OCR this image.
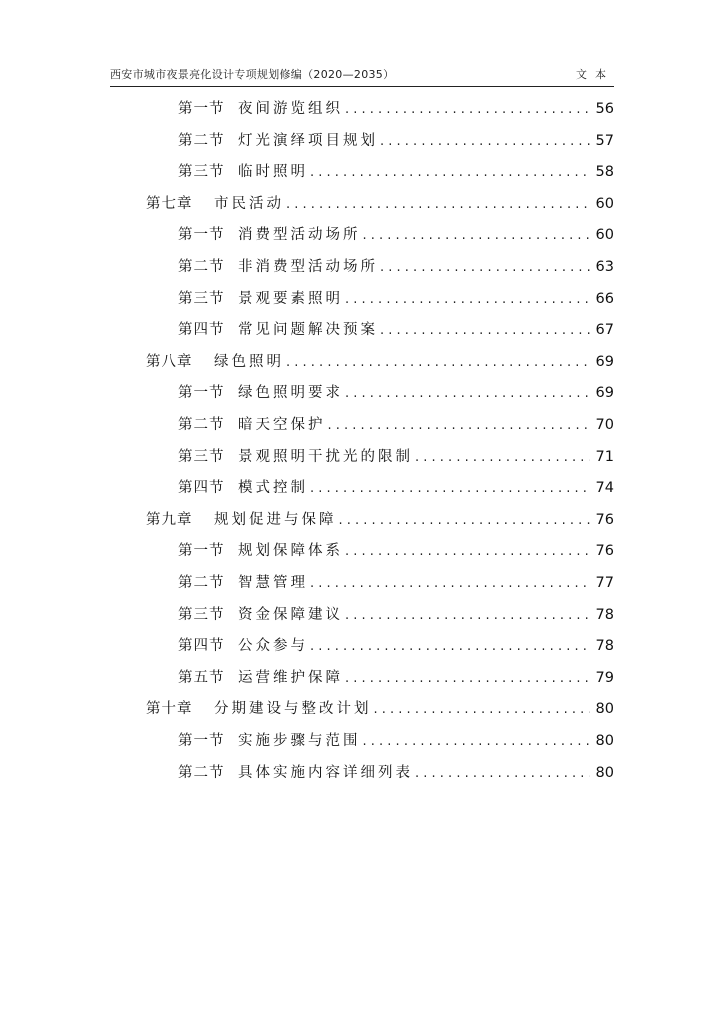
西安市城市夜景亮化设计专项规划修编（2020—2035）	文本
第一节 夜间游览组织 . . .	56
第二节 灯光演绎项目规划 . . .	57
第三节 临时照明 . . .	58
第七章	市民活动 . . .	60
第一节 消费型活动场所 . . .	60
第二节 非消费型活动场所 . . .	63
第三节 景观要素照明 . . .	66
第四节 常见问题解决预案 . . .	67
第八章	绿色照明 . . .	69
第一节 绿色照明要求 . . .	69
第二节 暗天空保护 . . .	70
第三节 景观照明干扰光的限制 . . .	71
第四节 模式控制 . . .	74
第九章	规划促进与保障 . . .	76
第一节 规划保障体系 . . .	76
第二节 智慧管理 . . .	77
第三节 资金保障建议 . . .	78
第四节 公众参与 . . .	78
第五节 运营维护保障 . . .	79
第十章	分期建设与整改计划 . . .	80
第一节 实施步骤与范围 . . .	80
第二节 具体实施内容详细列表 . . .	80
